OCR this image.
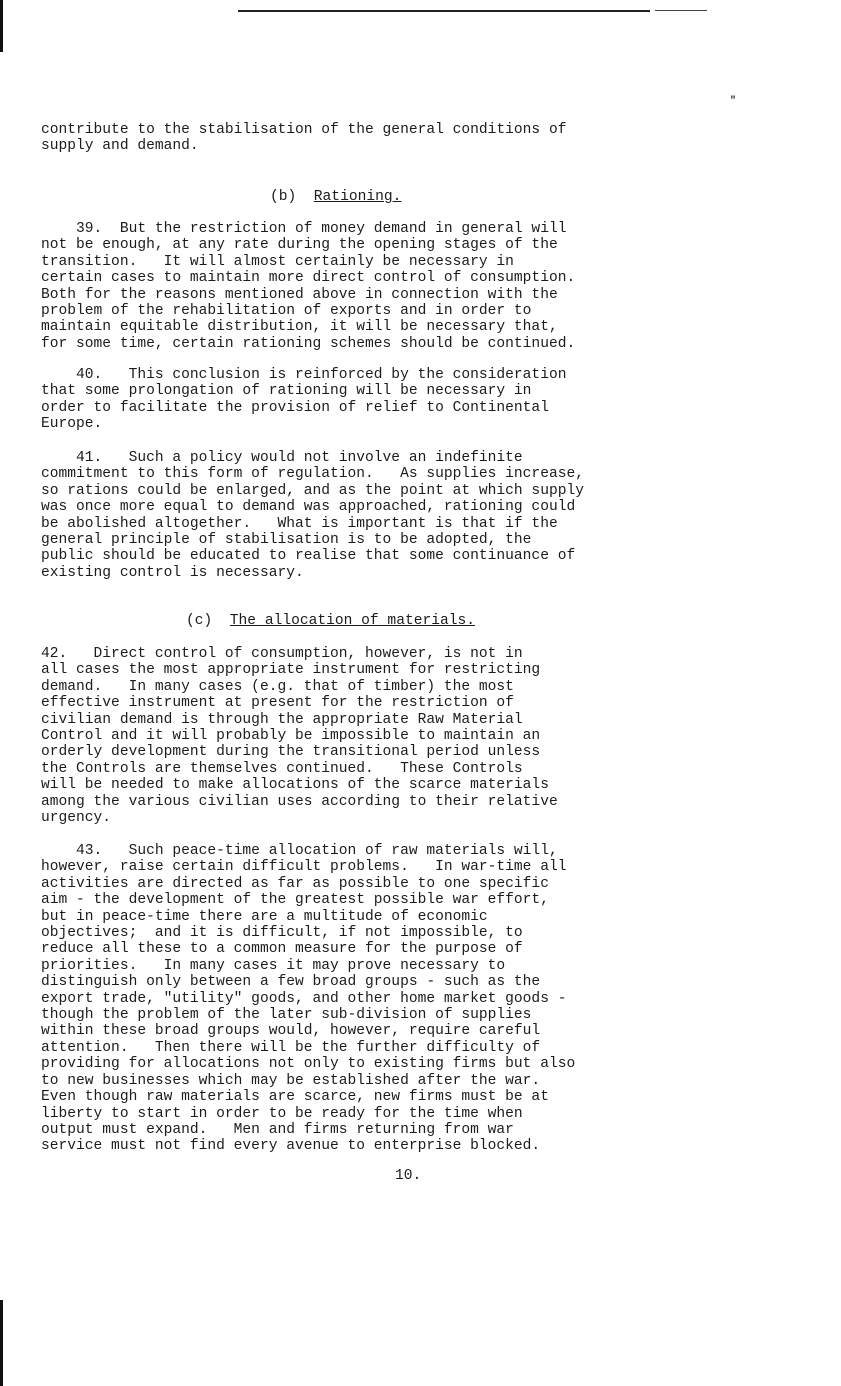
"

contribute to the stabilisation of the general conditions of
supply and demand.

(b) Rationing.

39.  But the restriction of money demand in general will
not be enough, at any rate during the opening stages of the
transition.   It will almost certainly be necessary in
certain cases to maintain more direct control of consumption.
Both for the reasons mentioned above in connection with the
problem of the rehabilitation of exports and in order to
maintain equitable distribution, it will be necessary that,
for some time, certain rationing schemes should be continued.

40.   This conclusion is reinforced by the consideration
that some prolongation of rationing will be necessary in
order to facilitate the provision of relief to Continental
Europe.

41.   Such a policy would not involve an indefinite
commitment to this form of regulation.   As supplies increase,
so rations could be enlarged, and as the point at which supply
was once more equal to demand was approached, rationing could
be abolished altogether.   What is important is that if the
general principle of stabilisation is to be adopted, the
public should be educated to realise that some continuance of
existing control is necessary.

(c) The allocation of materials.

42.   Direct control of consumption, however, is not in
all cases the most appropriate instrument for restricting
demand.   In many cases (e.g. that of timber) the most
effective instrument at present for the restriction of
civilian demand is through the appropriate Raw Material
Control and it will probably be impossible to maintain an
orderly development during the transitional period unless
the Controls are themselves continued.   These Controls
will be needed to make allocations of the scarce materials
among the various civilian uses according to their relative
urgency.

43.   Such peace-time allocation of raw materials will,
however, raise certain difficult problems.   In war-time all
activities are directed as far as possible to one specific
aim - the development of the greatest possible war effort,
but in peace-time there are a multitude of economic
objectives;  and it is difficult, if not impossible, to
reduce all these to a common measure for the purpose of
priorities.   In many cases it may prove necessary to
distinguish only between a few broad groups - such as the
export trade, "utility" goods, and other home market goods -
though the problem of the later sub-division of supplies
within these broad groups would, however, require careful
attention.   Then there will be the further difficulty of
providing for allocations not only to existing firms but also
to new businesses which may be established after the war.
Even though raw materials are scarce, new firms must be at
liberty to start in order to be ready for the time when
output must expand.   Men and firms returning from war
service must not find every avenue to enterprise blocked.

10.
